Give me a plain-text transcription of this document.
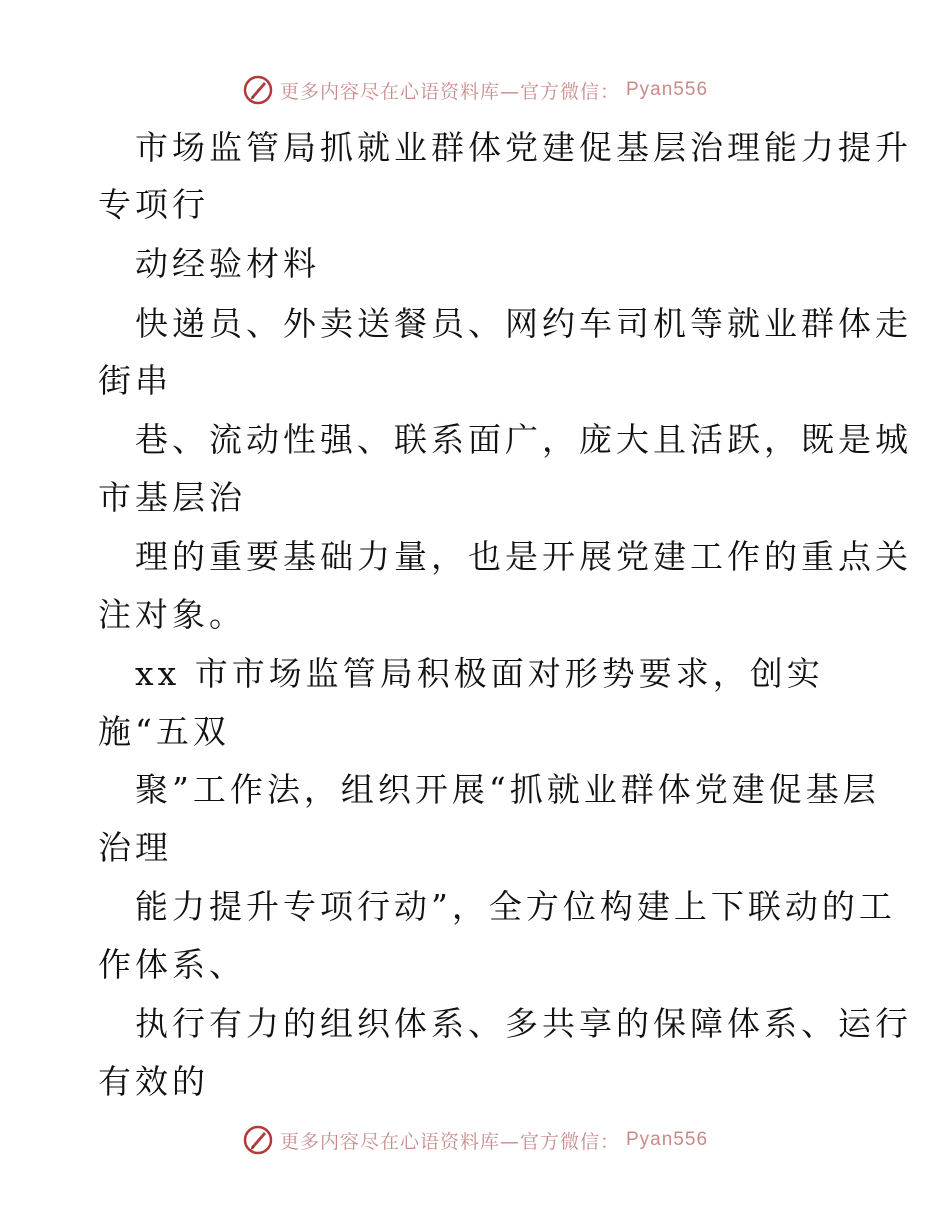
更多内容尽在心语资料库—官方微信： Pyan556
市场监管局抓就业群体党建促基层治理能力提升
专项行
动经验材料
快递员、外卖送餐员、网约车司机等就业群体走
街串
巷、流动性强、联系面广，庞大且活跃，既是城
市基层治
理的重要基础力量，也是开展党建工作的重点关
注对象。
xx 市市场监管局积极面对形势要求，创实
施“五双
聚”工作法，组织开展“抓就业群体党建促基层
治理
能力提升专项行动”，全方位构建上下联动的工
作体系、
执行有力的组织体系、多共享的保障体系、运行
有效的
更多内容尽在心语资料库—官方微信： Pyan556
